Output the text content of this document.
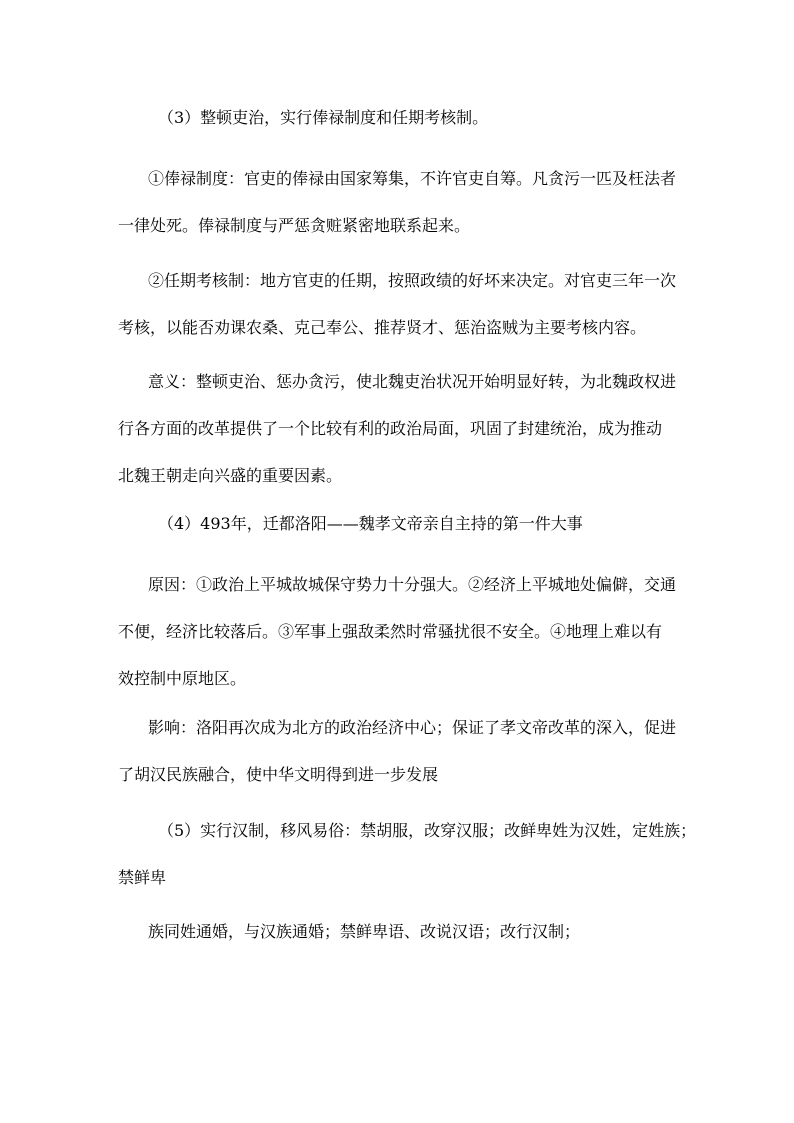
（3）整顿吏治，实行俸禄制度和任期考核制。

①俸禄制度：官吏的俸禄由国家筹集，不许官吏自筹。凡贪污一匹及枉法者
一律处死。俸禄制度与严惩贪赃紧密地联系起来。

②任期考核制：地方官吏的任期，按照政绩的好坏来决定。对官吏三年一次
考核，以能否劝课农桑、克己奉公、推荐贤才、惩治盗贼为主要考核内容。

意义：整顿吏治、惩办贪污，使北魏吏治状况开始明显好转，为北魏政权进
行各方面的改革提供了一个比较有利的政治局面，巩固了封建统治，成为推动
北魏王朝走向兴盛的重要因素。

（4）493年，迁都洛阳——魏孝文帝亲自主持的第一件大事

原因：①政治上平城故城保守势力十分强大。②经济上平城地处偏僻，交通
不便，经济比较落后。③军事上强敌柔然时常骚扰很不安全。④地理上难以有
效控制中原地区。

影响：洛阳再次成为北方的政治经济中心；保证了孝文帝改革的深入，促进
了胡汉民族融合，使中华文明得到进一步发展

（5）实行汉制，移风易俗：禁胡服，改穿汉服；改鲜卑姓为汉姓，定姓族；
禁鲜卑

族同姓通婚，与汉族通婚；禁鲜卑语、改说汉语；改行汉制；
